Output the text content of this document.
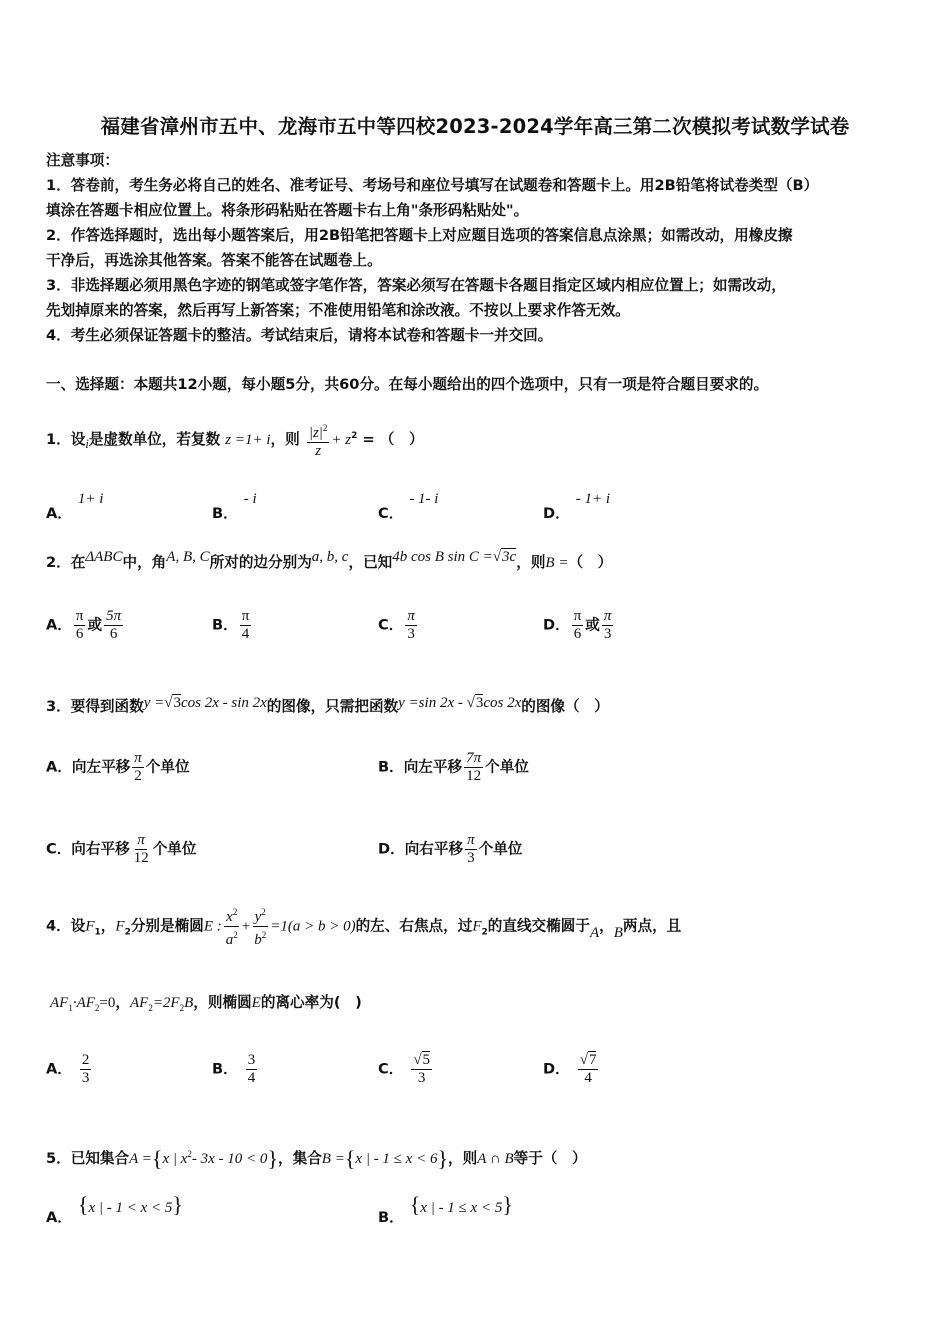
福建省漳州市五中、龙海市五中等四校2023-2024学年高三第二次模拟考试数学试卷
注意事项：
1．答卷前，考生务必将自己的姓名、准考证号、考场号和座位号填写在试题卷和答题卡上。用2B铅笔将试卷类型（B）
填涂在答题卡相应位置上。将条形码粘贴在答题卡右上角"条形码粘贴处"。
2．作答选择题时，选出每小题答案后，用2B铅笔把答题卡上对应题目选项的答案信息点涂黑；如需改动，用橡皮擦
干净后，再选涂其他答案。答案不能答在试题卷上。
3．非选择题必须用黑色字迹的钢笔或签字笔作答，答案必须写在答题卡各题目指定区域内相应位置上；如需改动，
先划掉原来的答案，然后再写上新答案；不准使用铅笔和涂改液。不按以上要求作答无效。
4．考生必须保证答题卡的整洁。考试结束后，请将本试卷和答题卡一并交回。
一、选择题：本题共12小题，每小题5分，共60分。在每小题给出的四个选项中，只有一项是符合题目要求的。
1．设i是虚数单位，若复数 z =1+ i，则 $\frac{|z|^2}{z} + z^2$ = （　）
A．1+ i
B．- i
C．- 1- i
D．- 1+ i
2．在ΔABC中，角A, B, C所对的边分别为a, b, c，已知4b cos B sin C =√3c，则B =（　）
A． $\frac{\pi}{6}$ 或 $\frac{5\pi}{6}$	B． $\frac{\pi}{4}$	C． $\frac{\pi}{3}$	D． $\frac{\pi}{6}$ 或 $\frac{\pi}{3}$
3．要得到函数y =√3cos 2x - sin 2x的图像，只需把函数y =sin 2x - √3cos 2x的图像（　）
A．向左平移 $\frac{\pi}{2}$ 个单位	B．向左平移 $\frac{7\pi}{12}$ 个单位
C．向右平移 $\frac{\pi}{12}$ 个单位	D．向右平移 $\frac{\pi}{3}$ 个单位
4．设$F_1$，$F_2$分别是椭圆E : $\frac{x^2}{a^2} + \frac{y^2}{b^2} =1(a > b > 0)$的左、右焦点，过$F_2$的直线交椭圆于A，B两点，且
$AF_1\cdot AF_2=0$，$AF_2=2F_2B$，则椭圆E的离心率为(　)
A． $\frac{2}{3}$	B． $\frac{3}{4}$	C． $\frac{√5}{3}$	D． $\frac{√7}{4}$
5．已知集合A ={x | $x^2-$ 3x - 10 < 0}，集合B ={x | - 1 ≤ x < 6}，则A ∩ B等于（　）
A．{x | - 1 < x < 5}
B．{x | - 1 ≤ x < 5}
